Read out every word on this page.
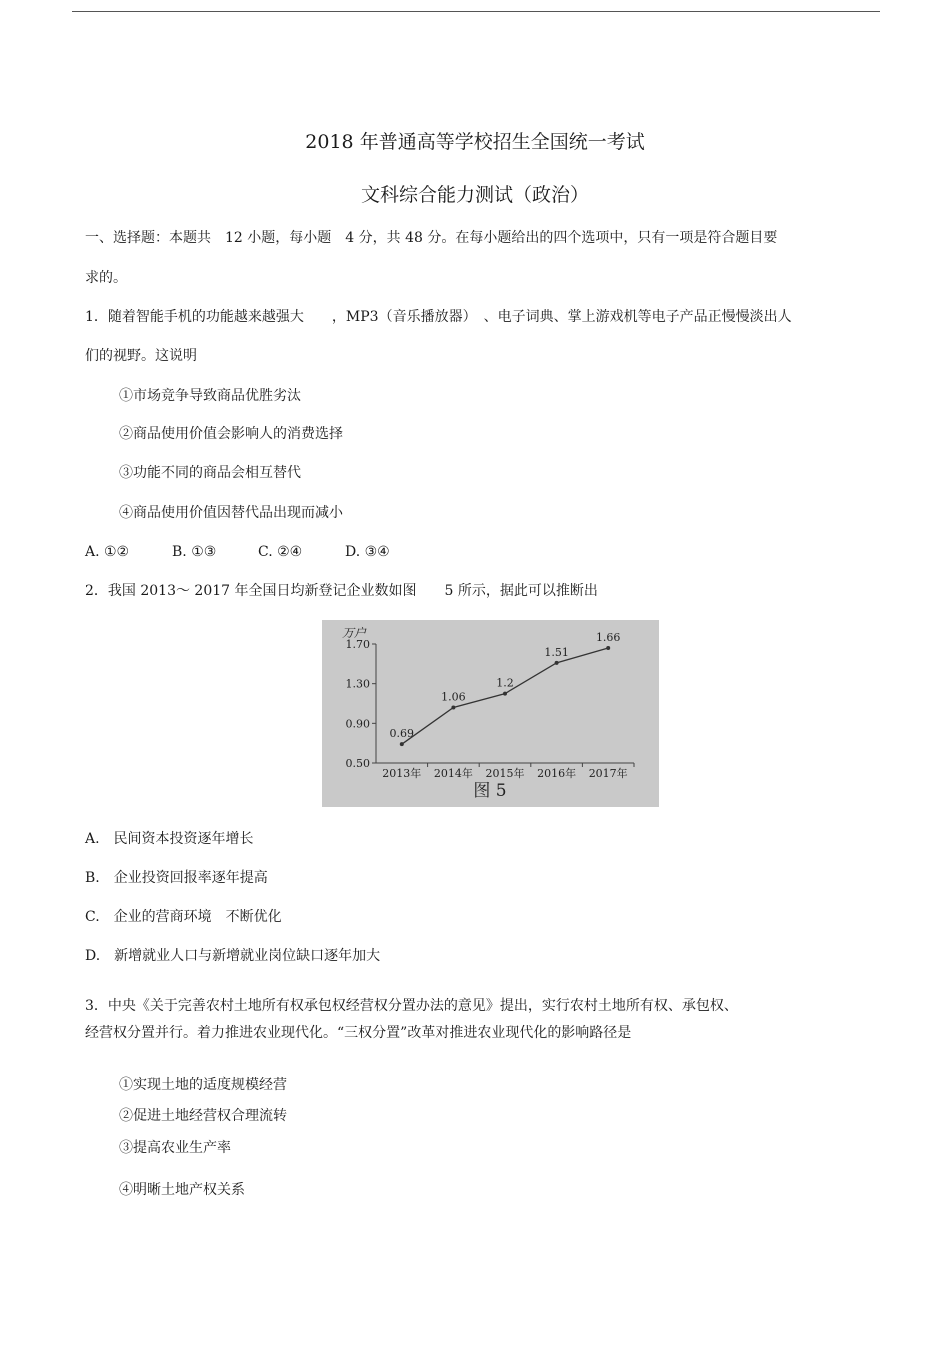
2018 年普通高等学校招生全国统一考试
文科综合能力测试（政治）
一、选择题：本题共　12 小题，每小题　4 分，共 48 分。在每小题给出的四个选项中，只有一项是符合题目要
求的。
1．随着智能手机的功能越来越强大　　，MP3（音乐播放器）　、电子词典、掌上游戏机等电子产品正慢慢淡出人
们的视野。这说明
①市场竞争导致商品优胜劣汰
②商品使用价值会影响人的消费选择
③功能不同的商品会相互替代
④商品使用价值因替代品出现而减小
A. ①②	B. ①③	C. ②④	D. ③④
2．我国 2013～ 2017 年全国日均新登记企业数如图　　5 所示，据此可以推断出
万户
0.50
0.90
1.30
1.70
2013年 2014年 2015年 2016年 2017年
0.69
1.06
1.2
1.51
1.66
图 5
A.　民间资本投资逐年增长
B.　企业投资回报率逐年提高
C.　企业的营商环境　不断优化
D.　新增就业人口与新增就业岗位缺口逐年加大
3．中央《关于完善农村土地所有权承包权经营权分置办法的意见》提出，实行农村土地所有权、承包权、
经营权分置并行。着力推进农业现代化。“三权分置”改革对推进农业现代化的影响路径是
①实现土地的适度规模经营
②促进土地经营权合理流转
③提高农业生产率
④明晰土地产权关系
